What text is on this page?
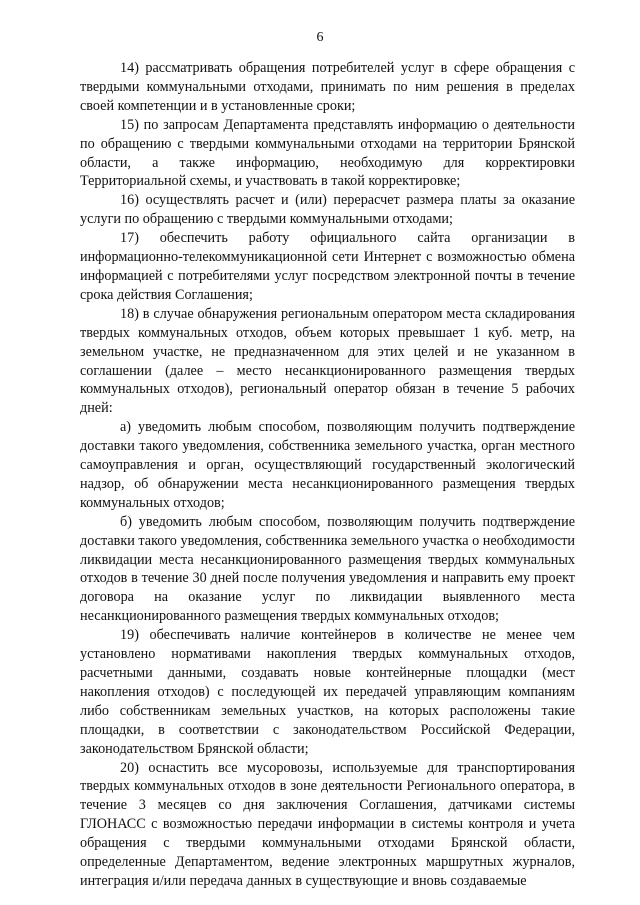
6

14) рассматривать обращения потребителей услуг в сфере обращения с твердыми коммунальными отходами, принимать по ним решения в пределах своей компетенции и в установленные сроки;

15) по запросам Департамента представлять информацию о деятельности по обращению с твердыми коммунальными отходами на территории Брянской области, а также информацию, необходимую для корректировки Территориальной схемы, и участвовать в такой корректировке;

16) осуществлять расчет и (или) перерасчет размера платы за оказание услуги по обращению с твердыми коммунальными отходами;

17) обеспечить работу официального сайта организации в информационно-телекоммуникационной сети Интернет с возможностью обмена информацией с потребителями услуг посредством электронной почты в течение срока действия Соглашения;

18) в случае обнаружения региональным оператором места складирования твердых коммунальных отходов, объем которых превышает 1 куб. метр, на земельном участке, не предназначенном для этих целей и не указанном в соглашении (далее – место несанкционированного размещения твердых коммунальных отходов), региональный оператор обязан в течение 5 рабочих дней:

а) уведомить любым способом, позволяющим получить подтверждение доставки такого уведомления, собственника земельного участка, орган местного самоуправления и орган, осуществляющий государственный экологический надзор, об обнаружении места несанкционированного размещения твердых коммунальных отходов;

б) уведомить любым способом, позволяющим получить подтверждение доставки такого уведомления, собственника земельного участка о необходимости ликвидации места несанкционированного размещения твердых коммунальных отходов в течение 30 дней после получения уведомления и направить ему проект договора на оказание услуг по ликвидации выявленного места несанкционированного размещения твердых коммунальных отходов;

19) обеспечивать наличие контейнеров в количестве не менее чем установлено нормативами накопления твердых коммунальных отходов, расчетными данными, создавать новые контейнерные площадки (мест накопления отходов) с последующей их передачей управляющим компаниям либо собственникам земельных участков, на которых расположены такие площадки, в соответствии с законодательством Российской Федерации, законодательством Брянской области;

20) оснастить все мусоровозы, используемые для транспортирования твердых коммунальных отходов в зоне деятельности Регионального оператора, в течение 3 месяцев со дня заключения Соглашения, датчиками системы ГЛОНАСС с возможностью передачи информации в системы контроля и учета обращения с твердыми коммунальными отходами Брянской области, определенные Департаментом, ведение электронных маршрутных журналов, интеграция и/или передача данных в существующие и вновь создаваемые
